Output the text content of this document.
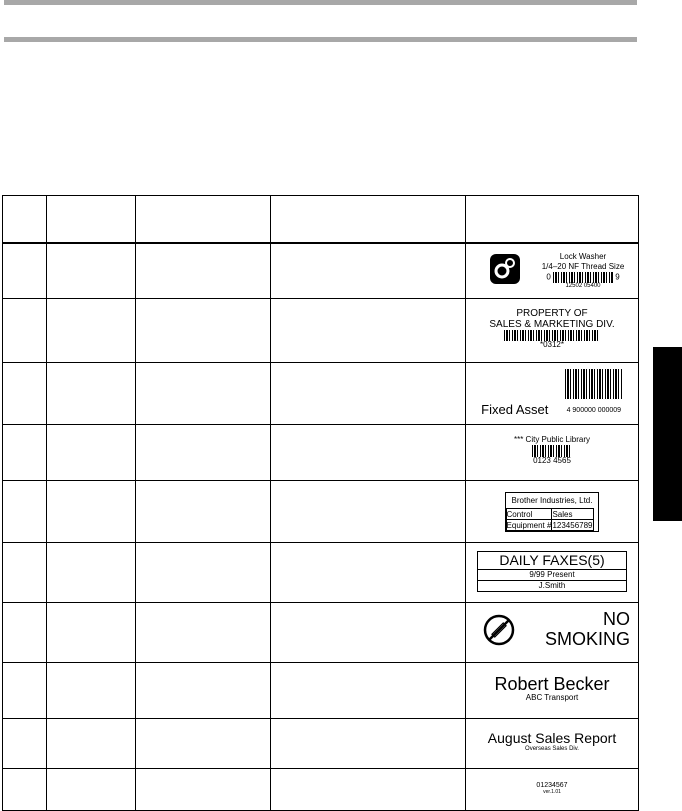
Lock Washer
1/4–20 NF Thread Size
0	9
12502 05400

PROPERTY OF
SALES & MARKETING DIV.
*0312*

				Fixed Asset	4 900000 000009

*** City Public Library
0123 4565

Brother Industries, Ltd.
Control	Sales
Equipment #	123456789

DAILY FAXES(5)
9/99 Present
J.Smith

NO
SMOKING

Robert Becker
ABC Transport

August Sales Report
Overseas Sales Div.

01234567
ver.1.01
